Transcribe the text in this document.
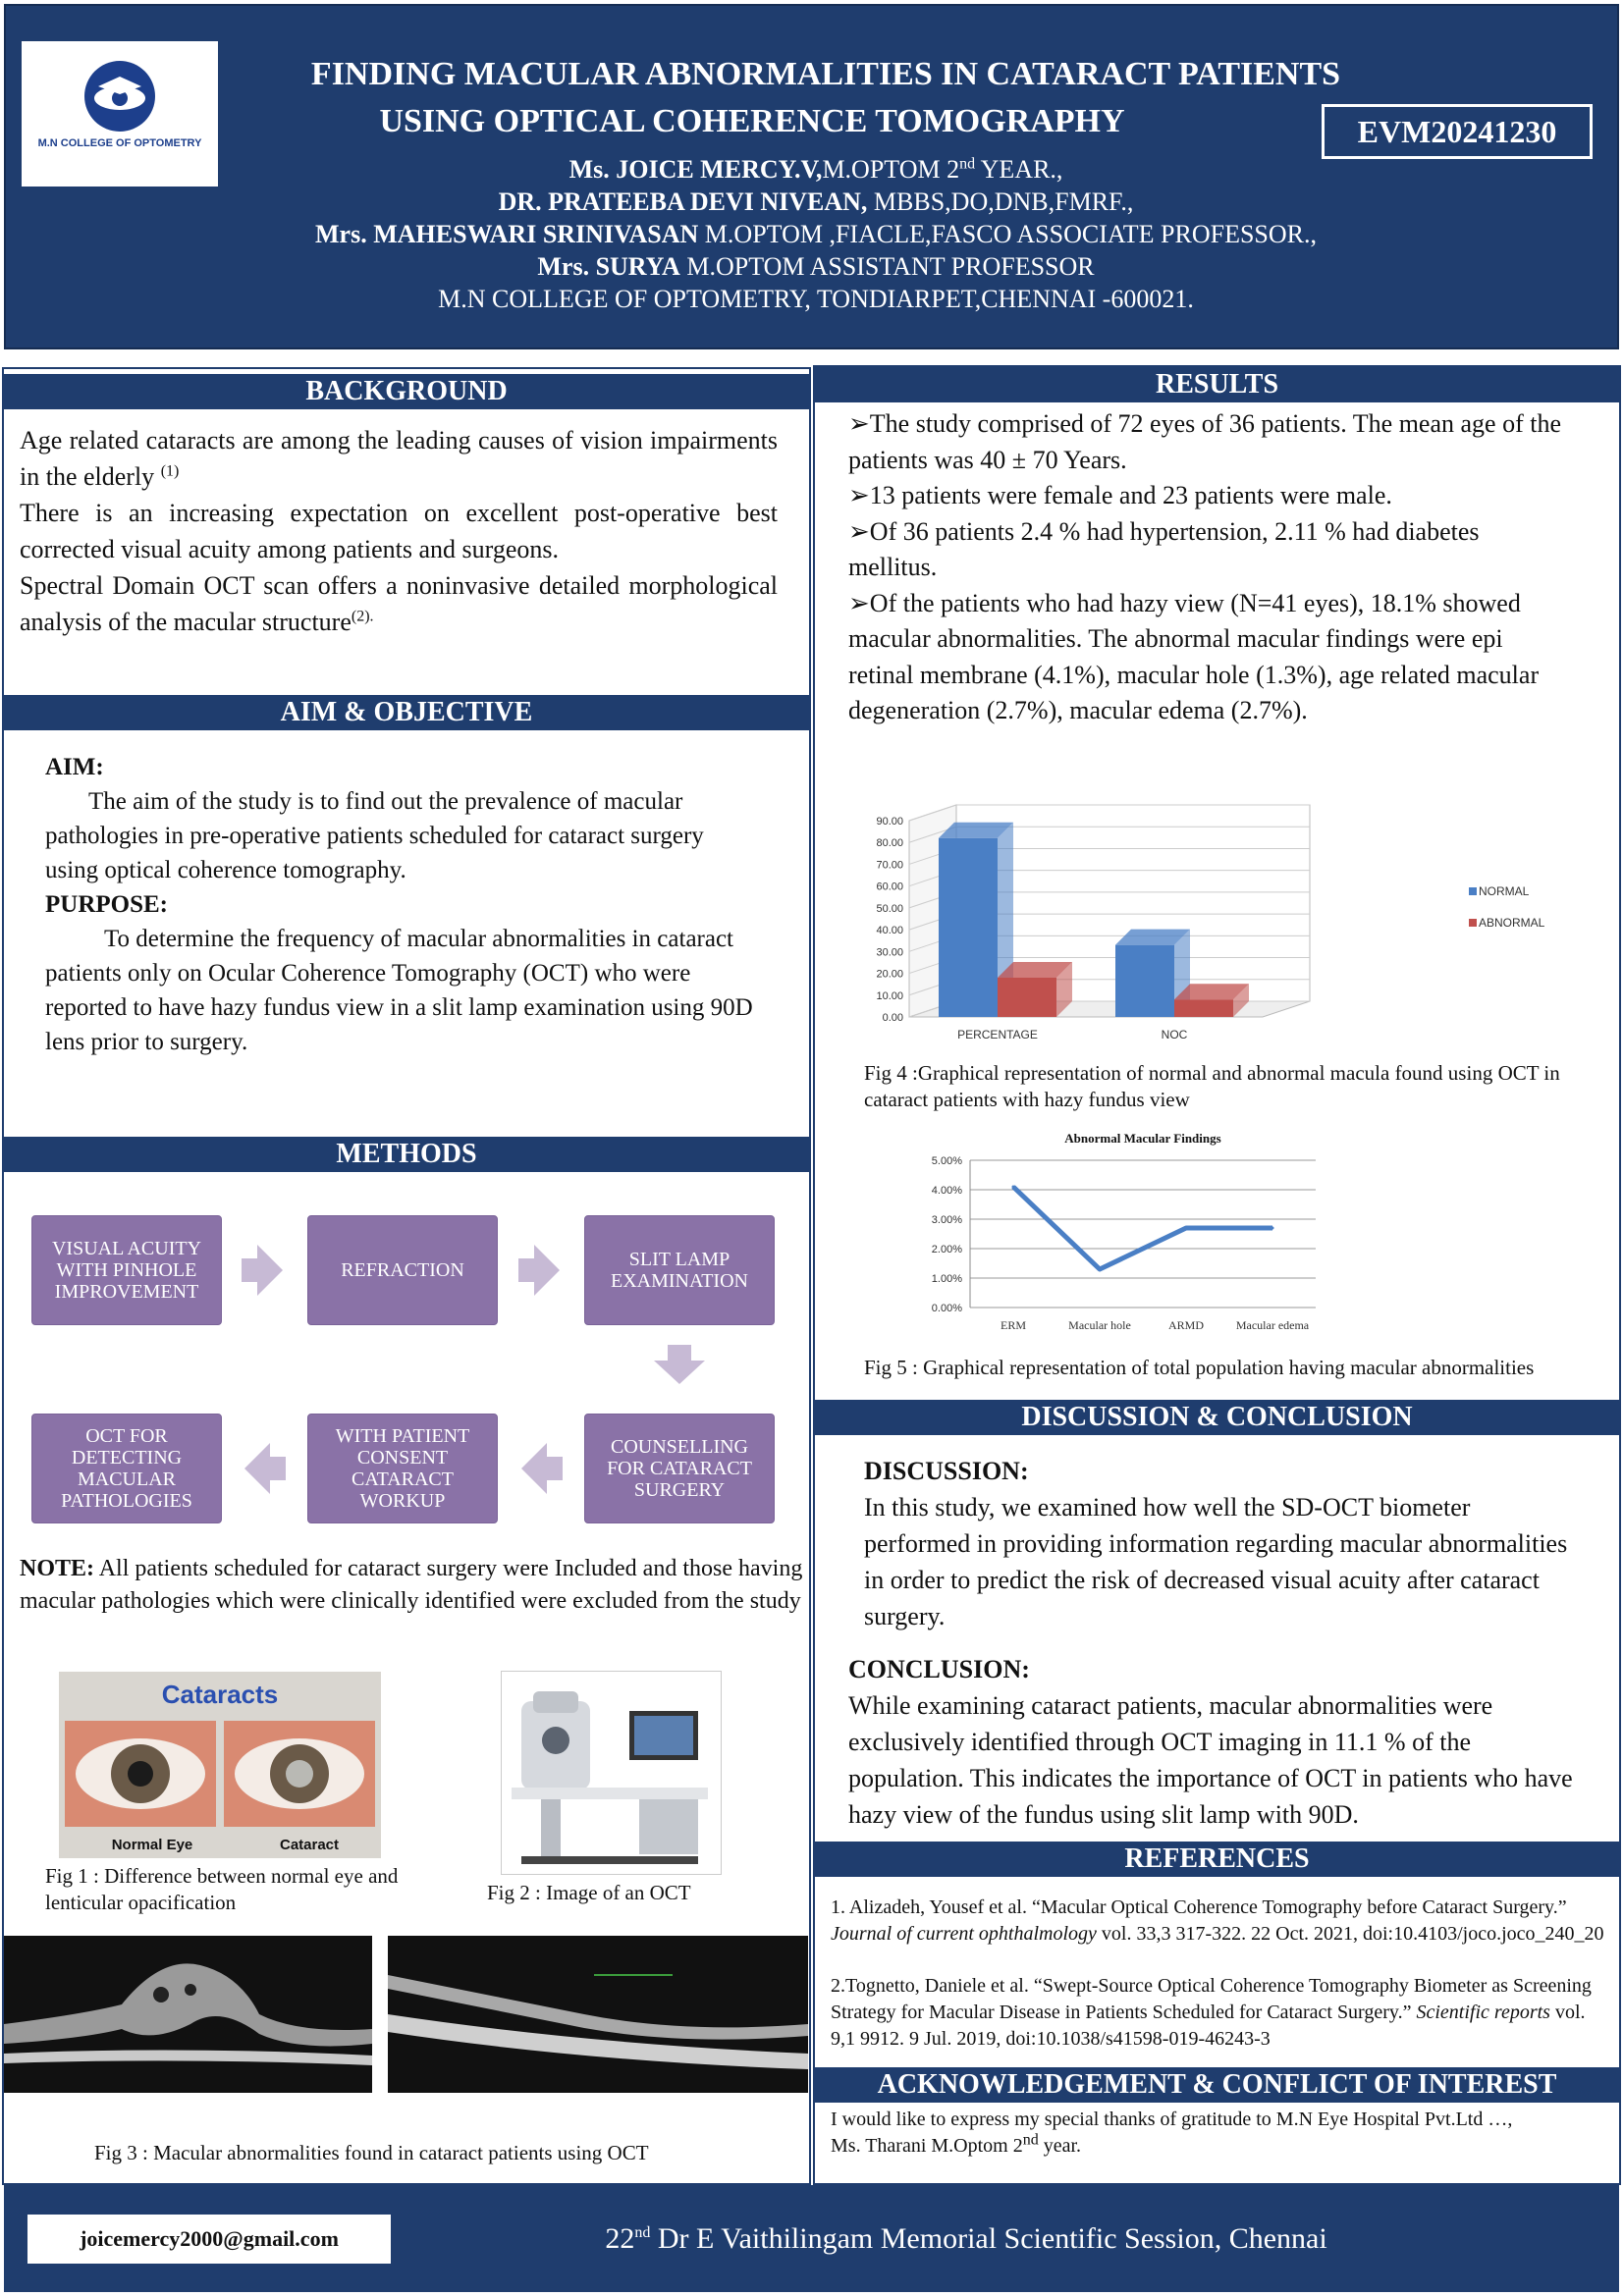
M.N COLLEGE OF OPTOMETRY
FINDING MACULAR ABNORMALITIES IN CATARACT PATIENTS
USING OPTICAL COHERENCE TOMOGRAPHY	EVM20241230
Ms. JOICE MERCY.V,M.OPTOM 2nd YEAR.,
DR. PRATEEBA DEVI NIVEAN, MBBS,DO,DNB,FMRF.,
Mrs. MAHESWARI SRINIVASAN M.OPTOM ,FIACLE,FASCO ASSOCIATE PROFESSOR.,
Mrs. SURYA M.OPTOM ASSISTANT PROFESSOR
M.N COLLEGE OF OPTOMETRY, TONDIARPET,CHENNAI -600021.
BACKGROUND

Age related cataracts are among the leading causes of vision impairments in the elderly $^{(1)}$

There is an increasing expectation on excellent post-operative best corrected visual acuity among patients and surgeons.

Spectral Domain OCT scan offers a noninvasive detailed morphological analysis of the macular structure$^{(2).}$

AIM & OBJECTIVE

AIM:

The aim of the study is to find out the prevalence of macular pathologies in pre-operative patients scheduled for cataract surgery using optical coherence tomography.

PURPOSE:

To determine the frequency of macular abnormalities in cataract patients only on Ocular Coherence Tomography (OCT) who were reported to have hazy fundus view in a slit lamp examination using 90D lens prior to surgery.

METHODS
VISUAL ACUITY WITH PINHOLE IMPROVEMENT
REFRACTION	SLIT LAMP EXAMINATION
COUNSELLING FOR CATARACT SURGERY
WITH PATIENT CONSENT CATARACT WORKUP
OCT FOR DETECTING MACULAR PATHOLOGIES
NOTE: All patients scheduled for cataract surgery were Included and those having macular pathologies which were clinically identified were excluded from the study
Cataracts
Normal Eye	Cataract
Fig 1 : Difference between normal eye and lenticular opacification	Fig 2 : Image of an OCT
Fig 3 : Macular abnormalities found in cataract patients using OCT
RESULTS

➢The study comprised of 72 eyes of 36 patients. The mean age of the patients was 40 ± 70 Years.

➢13 patients were female and 23 patients were male.

➢Of 36 patients 2.4 % had hypertension, 2.11 % had diabetes mellitus.

➢Of the patients who had hazy view (N=41 eyes), 18.1% showed macular abnormalities. The abnormal macular findings were epi retinal membrane (4.1%), macular hole (1.3%), age related macular degeneration (2.7%), macular edema (2.7%).

0.00
10.00
20.00
30.00
40.00
50.00
60.00
70.00
80.00
90.00
PERCENTAGE	NOC
NORMAL
ABNORMAL
Fig 4 :Graphical representation of normal and abnormal macula found using OCT in cataract patients with hazy fundus view
Abnormal Macular Findings
0.00%
1.00%
2.00%
3.00%
4.00%
5.00%
ERM	Macular hole	ARMD	Macular edema
Fig 5 : Graphical representation of total population having macular abnormalities
DISCUSSION & CONCLUSION

DISCUSSION:

In this study, we examined how well the SD-OCT biometer performed in providing information regarding macular abnormalities in order to predict the risk of decreased visual acuity after cataract surgery.

CONCLUSION:

While examining cataract patients, macular abnormalities were exclusively identified through OCT imaging in 11.1 % of the population. This indicates the importance of OCT in patients who have hazy view of the fundus using slit lamp with 90D.

REFERENCES
1. Alizadeh, Yousef et al. “Macular Optical Coherence Tomography before Cataract Surgery.” Journal of current ophthalmology vol. 33,3 317-322. 22 Oct. 2021, doi:10.4103/joco.joco_240_20
2.Tognetto, Daniele et al. “Swept-Source Optical Coherence Tomography Biometer as Screening Strategy for Macular Disease in Patients Scheduled for Cataract Surgery.” Scientific reports vol. 9,1 9912. 9 Jul. 2019, doi:10.1038/s41598-019-46243-3
ACKNOWLEDGEMENT & CONFLICT OF INTEREST
I would like to express my special thanks of gratitude to M.N Eye Hospital Pvt.Ltd …,
Ms. Tharani M.Optom 2nd year.
joicemercy2000@gmail.com	22nd Dr E Vaithilingam Memorial Scientific Session, Chennai
